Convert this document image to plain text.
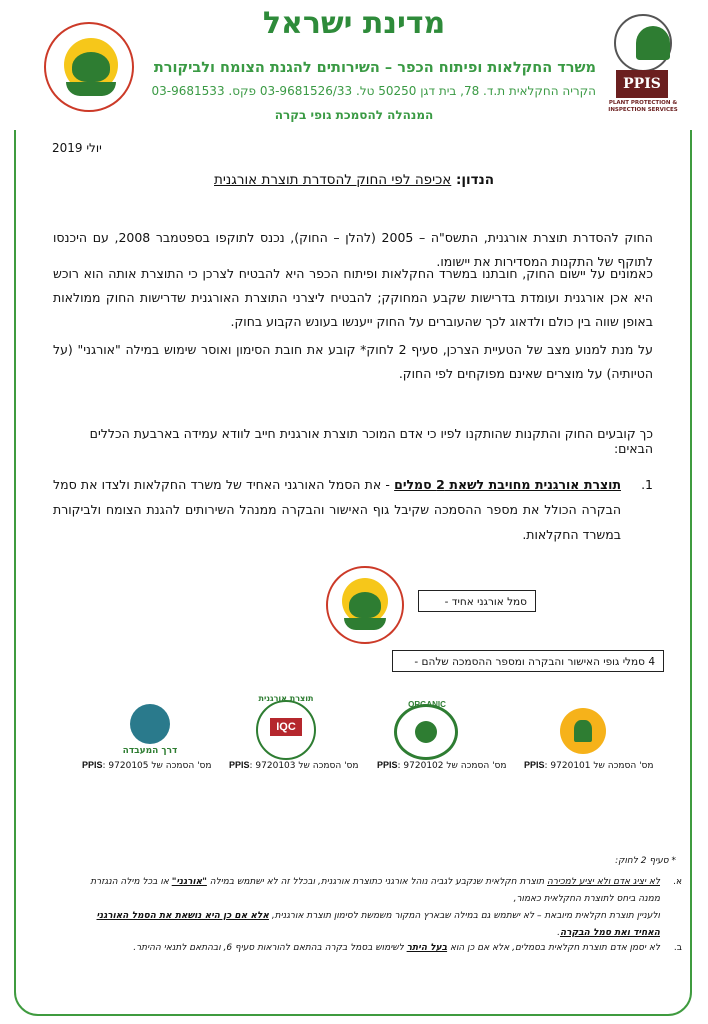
PPIS
PLANT PROTECTION & INSPECTION SERVICES
מדינת ישראל
משרד החקלאות ופיתוח הכפר – השירותים להגנת הצומח ולביקורת
הקריה החקלאית ת.ד. 78, בית דגן 50250 טל. 03-9681526/33 פקס. 03-9681533
המנהלה להסמכת גופי בקרה
יולי 2019
הנדון: אכיפה לפי החוק להסדרת תוצרת אורגנית
החוק להסדרת תוצרת אורגנית, התשס"ה – 2005 (להלן – החוק), נכנס לתוקפו בספטמבר 2008, עם היכנסו לתוקף של התקנות המסדירות את יישומו.
כאמונים על יישום החוק, חובתנו במשרד החקלאות ופיתוח הכפר היא להבטיח לצרכן כי התוצרת אותה הוא רוכש היא אכן אורגנית ועומדת בדרישות שקבע המחוקק; להבטיח ליצרני התוצרת האורגנית שדרישות החוק ממולאות באופן שווה בין כולם ולדאוג לכך שהעוברים על החוק ייענשו בעונש הקבוע בחוק.
על מנת למנוע מצב של הטעיית הצרכן, סעיף 2 לחוק* קובע את חובת הסימון ואוסר שימוש במילה "אורגני" (על הטיותיה) על מוצרים שאינם מפוקחים לפי החוק.
כך קובעים החוק והתקנות שהותקנו לפיו כי אדם המוכר תוצרת אורגנית חייב לוודא עמידה בארבעת הכללים הבאים:
1.
תוצרת אורגנית מחויבת לשאת 2 סמלים - את הסמל האורגני האחיד של משרד החקלאות ולצדו את סמל הבקרה הכולל את מספר ההסמכה שקיבל גוף האישור והבקרה ממנהל השירותים להגנת הצומח ולביקורת במשרד החקלאות.
סמל אורגני אחיד -
4 סמלי גופי האישור והבקרה ומספר ההסמכה שלהם -
ORGANIC
תוצרת אורגנית
IQC
דרך המעבדה
מס' הסמכה של PPIS: 9720101
מס' הסמכה של PPIS: 9720102
מס' הסמכה של PPIS: 9720103
מס' הסמכה של PPIS: 9720105
* סעיף 2 לחוק:
א.
לא יציג אדם ולא יציע למכירה תוצרת חקלאית שנקבע לגביה נוהל אורגני כתוצרת אורגנית, ובכלל זה לא ישתמש במילה "אורגני" או בכל מילה הנגזרת ממנה ביחס לתוצרת החקלאית כאמור,
ולעניין תוצרת חקלאית מיובאת – לא ישתמש גם במילה שבארץ המקור משמשת לסימון תוצרת אורגנית, אלא אם כן היא נושאת את הסמל האורגני האחיד ואת סמל הבקרה.
ב.
לא יסמן אדם תוצרת חקלאית בסמלים, אלא אם כן הוא בעל היתר לשימוש בסמל בקרה בהתאם להוראות סעיף 6, ובהתאם לתנאי ההיתר.
